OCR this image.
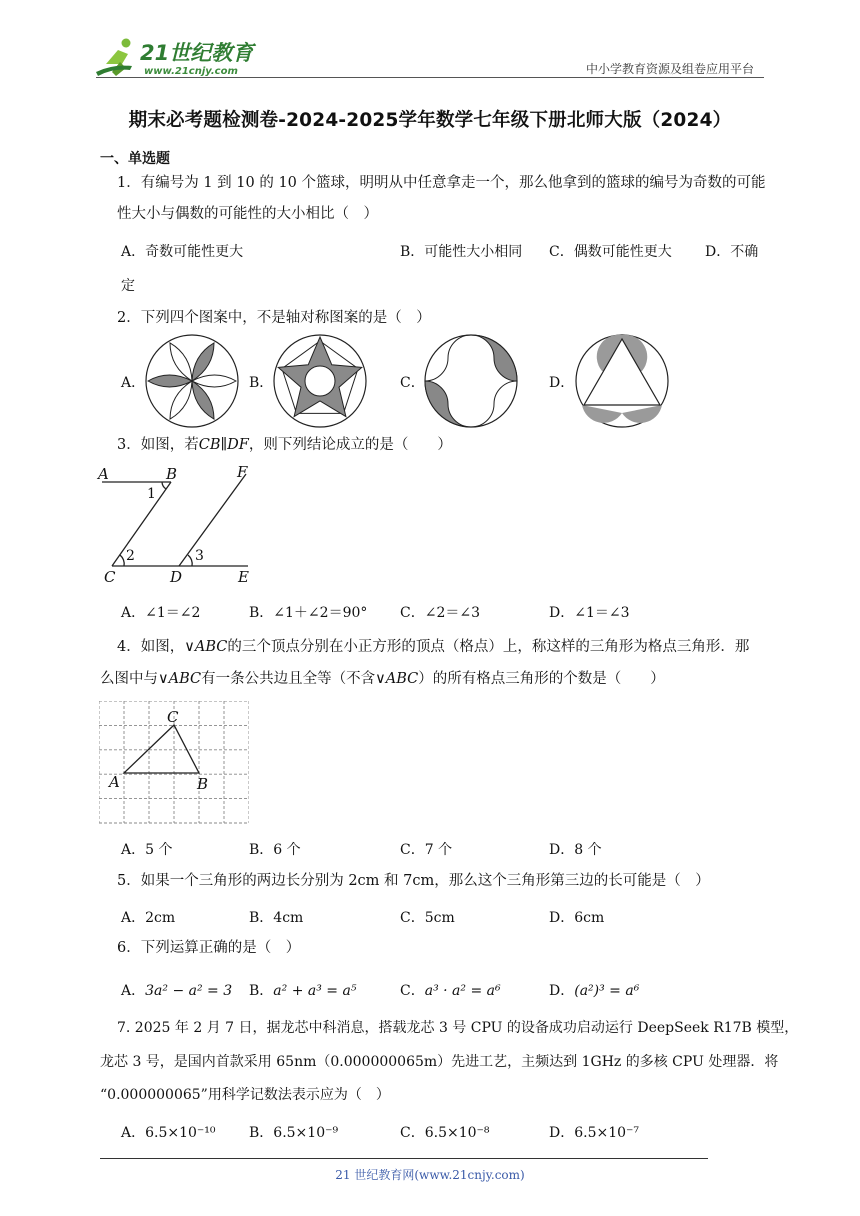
21世纪教育
www.21cnjy.com	中小学教育资源及组卷应用平台
期末必考题检测卷-2024-2025学年数学七年级下册北师大版（2024）
一、单选题
1．有编号为 1 到 10 的 10 个篮球，明明从中任意拿走一个，那么他拿到的篮球的编号为奇数的可能
性大小与偶数的可能性的大小相比（　）
A．奇数可能性更大	B．可能性大小相同 C．偶数可能性更大 D．不确
定
2．下列四个图案中，不是轴对称图案的是（　）
A．	B．	C．	D．
3．如图，若CB∥DF，则下列结论成立的是（　　）
A	B	F
C	D	E
1
2	3
A．∠1＝∠2	B．∠1＋∠2＝90° C．∠2＝∠3	D．∠1＝∠3
4．如图，∨ABC的三个顶点分别在小正方形的顶点（格点）上，称这样的三角形为格点三角形．那
么图中与∨ABC有一条公共边且全等（不含∨ABC）的所有格点三角形的个数是（　　）
C
A	B
A．5 个	B．6 个	C．7 个	D．8 个
5．如果一个三角形的两边长分别为 2cm 和 7cm，那么这个三角形第三边的长可能是（　）
A．2cm	B．4cm	C．5cm	D．6cm
6．下列运算正确的是（　）
A．3a² − a² = 3 B．a² + a³ = a⁵	C．a³ · a² = a⁶	D．(a²)³ = a⁶
7. 2025 年 2 月 7 日，据龙芯中科消息，搭载龙芯 3 号 CPU 的设备成功启动运行 DeepSeek R17B 模型，
龙芯 3 号，是国内首款采用 65nm（0.000000065m）先进工艺，主频达到 1GHz 的多核 CPU 处理器．将
“0.000000065”用科学记数法表示应为（　）
A．6.5×10⁻¹⁰ B．6.5×10⁻⁹	C．6.5×10⁻⁸	D．6.5×10⁻⁷
21 世纪教育网(www.21cnjy.com)
